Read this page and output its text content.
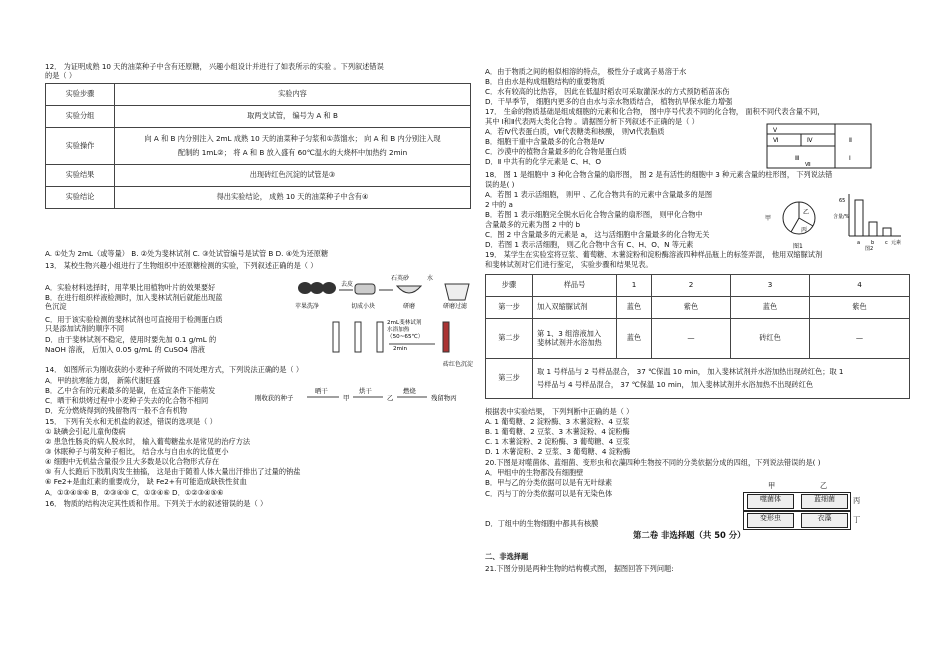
12． 为证明成熟 10 天的油菜种子中含有还原糖， 兴趣小组设计并进行了如表所示的实验 。下列叙述错误
的是（ ）
实验步骤	实验内容
实验分组	取两支试管， 编号为 A 和 B
实验操作	向 A 和 B 内分别注入 2mL 成熟 10 天的油菜种子匀浆和①蒸馏水； 向 A 和 B 内分别注入现
配制的 1mL②； 将 A 和 B 放入盛有 60℃温水的大烧杯中加热约 2min
实验结果	出现砖红色沉淀的试管是③
实验结论	得出实验结论， 成熟 10 天的油菜种子中含有④
A. ①处为 2mL（或等量） B. ②处为斐林试剂 C. ③处试管编号是试管 B D. ④处为还原糖
13． 某校生物兴趣小组进行了生物组织中还原糖检测的实验，下列叙述正确的是（ ）
A．实验材料选择时，用苹果比用植物叶片的效果要好
B．在进行组织样液检测时，加入斐林试剂后就能出现蓝
色沉淀
C．用于该实验检测的斐林试剂也可直接用于检测蛋白质
只是添加试剂的顺序不同
D．由于斐林试剂不稳定，使用时要先加 0.1 g/mL 的
NaOH 溶液， 后加入 0.05 g/mL 的 CuSO4 溶液
去皮
石英砂	水
苹果洗净	切成小块	研磨	研磨过滤
2mL斐林试剂
水浴加热
（50~65℃）
2min
砖红色沉淀
14． 如图所示为刚收获的小麦种子所做的不同处理方式，下列说法正确的是（ ）
刚收获的种子
晒干
甲
烘干
乙
燃烧
残留物丙
A．甲的抗寒能力弱， 新陈代谢旺盛
B．乙中含有的元素最多的是碳，在适宜条件下能萌发
C．晒干和烘烤过程中小麦种子失去的化合物不相同
D．充分燃烧得到的残留物丙一般不含有机物
15． 下列有关水和无机盐的叙述，错误的选项是（ ）
① 缺碘会引起儿童佝偻病
② 患急性肠炎的病人脱水时， 输入葡萄糖盐水是常见的治疗方法
③ 休眠种子与萌发种子相比， 结合水与自由水的比值更小
④ 细胞中无机盐含量很少且大多数是以化合物形式存在
⑤ 有人长跑后下肢肌肉发生抽搐， 这是由于随着人体大量出汗排出了过量的钠盐
⑥ Fe2+是血红素的重要成分， 缺 Fe2+有可能造成缺铁性贫血
A．①③④⑤⑥ B．②③④⑤ C．①③④⑥ D．①②③④⑤⑥
16． 物质的结构决定其性质和作用。下列关于水的叙述错误的是（ ）
A．由于物质之间的相似相溶的特点， 极性分子或离子易溶于水
B．自由水是构成细胞结构的重要物质
C．水有较高的比热容， 因此在低温时稻农可采取灌深水的方式预防稻苗冻伤
D．干旱季节， 细胞内更多的自由水与亲水物质结合， 植物抗旱保水能力增强
17． 生命的物质基础是组成细胞的元素和化合物， 图中序号代表不同的化合物， 面积不同代表含量不同，
其中 Ⅰ和Ⅱ代表两大类化合物 。请据图分析下列叙述不正确的是（ ）
A．若Ⅳ代表蛋白质，Ⅶ代表糖类和核酸， 则Ⅵ代表脂质
B．细胞干重中含量最多的化合物是Ⅳ
C．沙漠中的植物含量最多的化合物是蛋白质
D．Ⅱ 中共有的化学元素是 C、H、O
Ⅴ
Ⅵ	Ⅳ
Ⅲ
Ⅱ
Ⅰ
Ⅶ
18． 图 1 是细胞中 3 种化合物含量的扇形图， 图 2 是有活性的细胞中 3 种元素含量的柱形图， 下列说法错
误的是( )
A．若图 1 表示活细胞， 则甲 、乙化合物共有的元素中含量最多的是图
2 中的 a
B．若图 1 表示细胞完全脱水后化合物含量的扇形图， 则甲化合物中
含量最多的元素为图 2 中的 b
C．图 2 中含量最多的元素是 a， 这与活细胞中含量最多的化合物无关
D．若图 1 表示活细胞， 则乙化合物中含有 C、H、O、N 等元素
甲
乙
丙
图1
含量/%
元素
65
a b c
图2
19． 某学生在实验室将豆浆、葡萄糖、木薯淀粉和淀粉酶溶液四种样品瓶上的标签弄混， 他用双缩脲试剂
和斐林试剂对它们进行鉴定， 实验步骤和结果见表。
步骤	样品号	1	2	3	4
第一步	加入双缩脲试剂	蓝色	紫色	蓝色	紫色
第二步	第 1、3 组溶液加入
斐林试剂并水浴加热	蓝色	—	砖红色	—
第三步	取 1 号样品与 2 号样品混合， 37 ℃保温 10 min， 加入斐林试剂并水浴加热出现砖红色；取 1
号样品与 4 号样品混合， 37 ℃保温 10 min， 加入斐林试剂并水浴加热不出现砖红色				
根据表中实验结果， 下列判断中正确的是（ ）
A. 1 葡萄糖、2 淀粉酶、3 木薯淀粉、4 豆浆
B. 1 葡萄糖、2 豆浆、3 木薯淀粉、4 淀粉酶
C. 1 木薯淀粉、2 淀粉酶、3 葡萄糖、4 豆浆
D. 1 木薯淀粉、2 豆浆、3 葡萄糖、4 淀粉酶
20.下图是对噬菌体、蓝细菌、变形虫和衣藻四种生物按不同的分类依据分成的四组，下列说法错误的是( )
A．甲组中的生物都没有细胞壁
B．甲与乙的分类依据可以是有无叶绿素
C．丙与丁的分类依据可以是有无染色体
D．丁组中的生物细胞中都具有核膜
甲	乙
噬菌体	蓝细菌
变形虫	衣藻
丙
丁
第二卷 非选择题（共 50 分）
二、非选择题
21.下图分别是两种生物的结构模式图， 据图回答下列问题:
